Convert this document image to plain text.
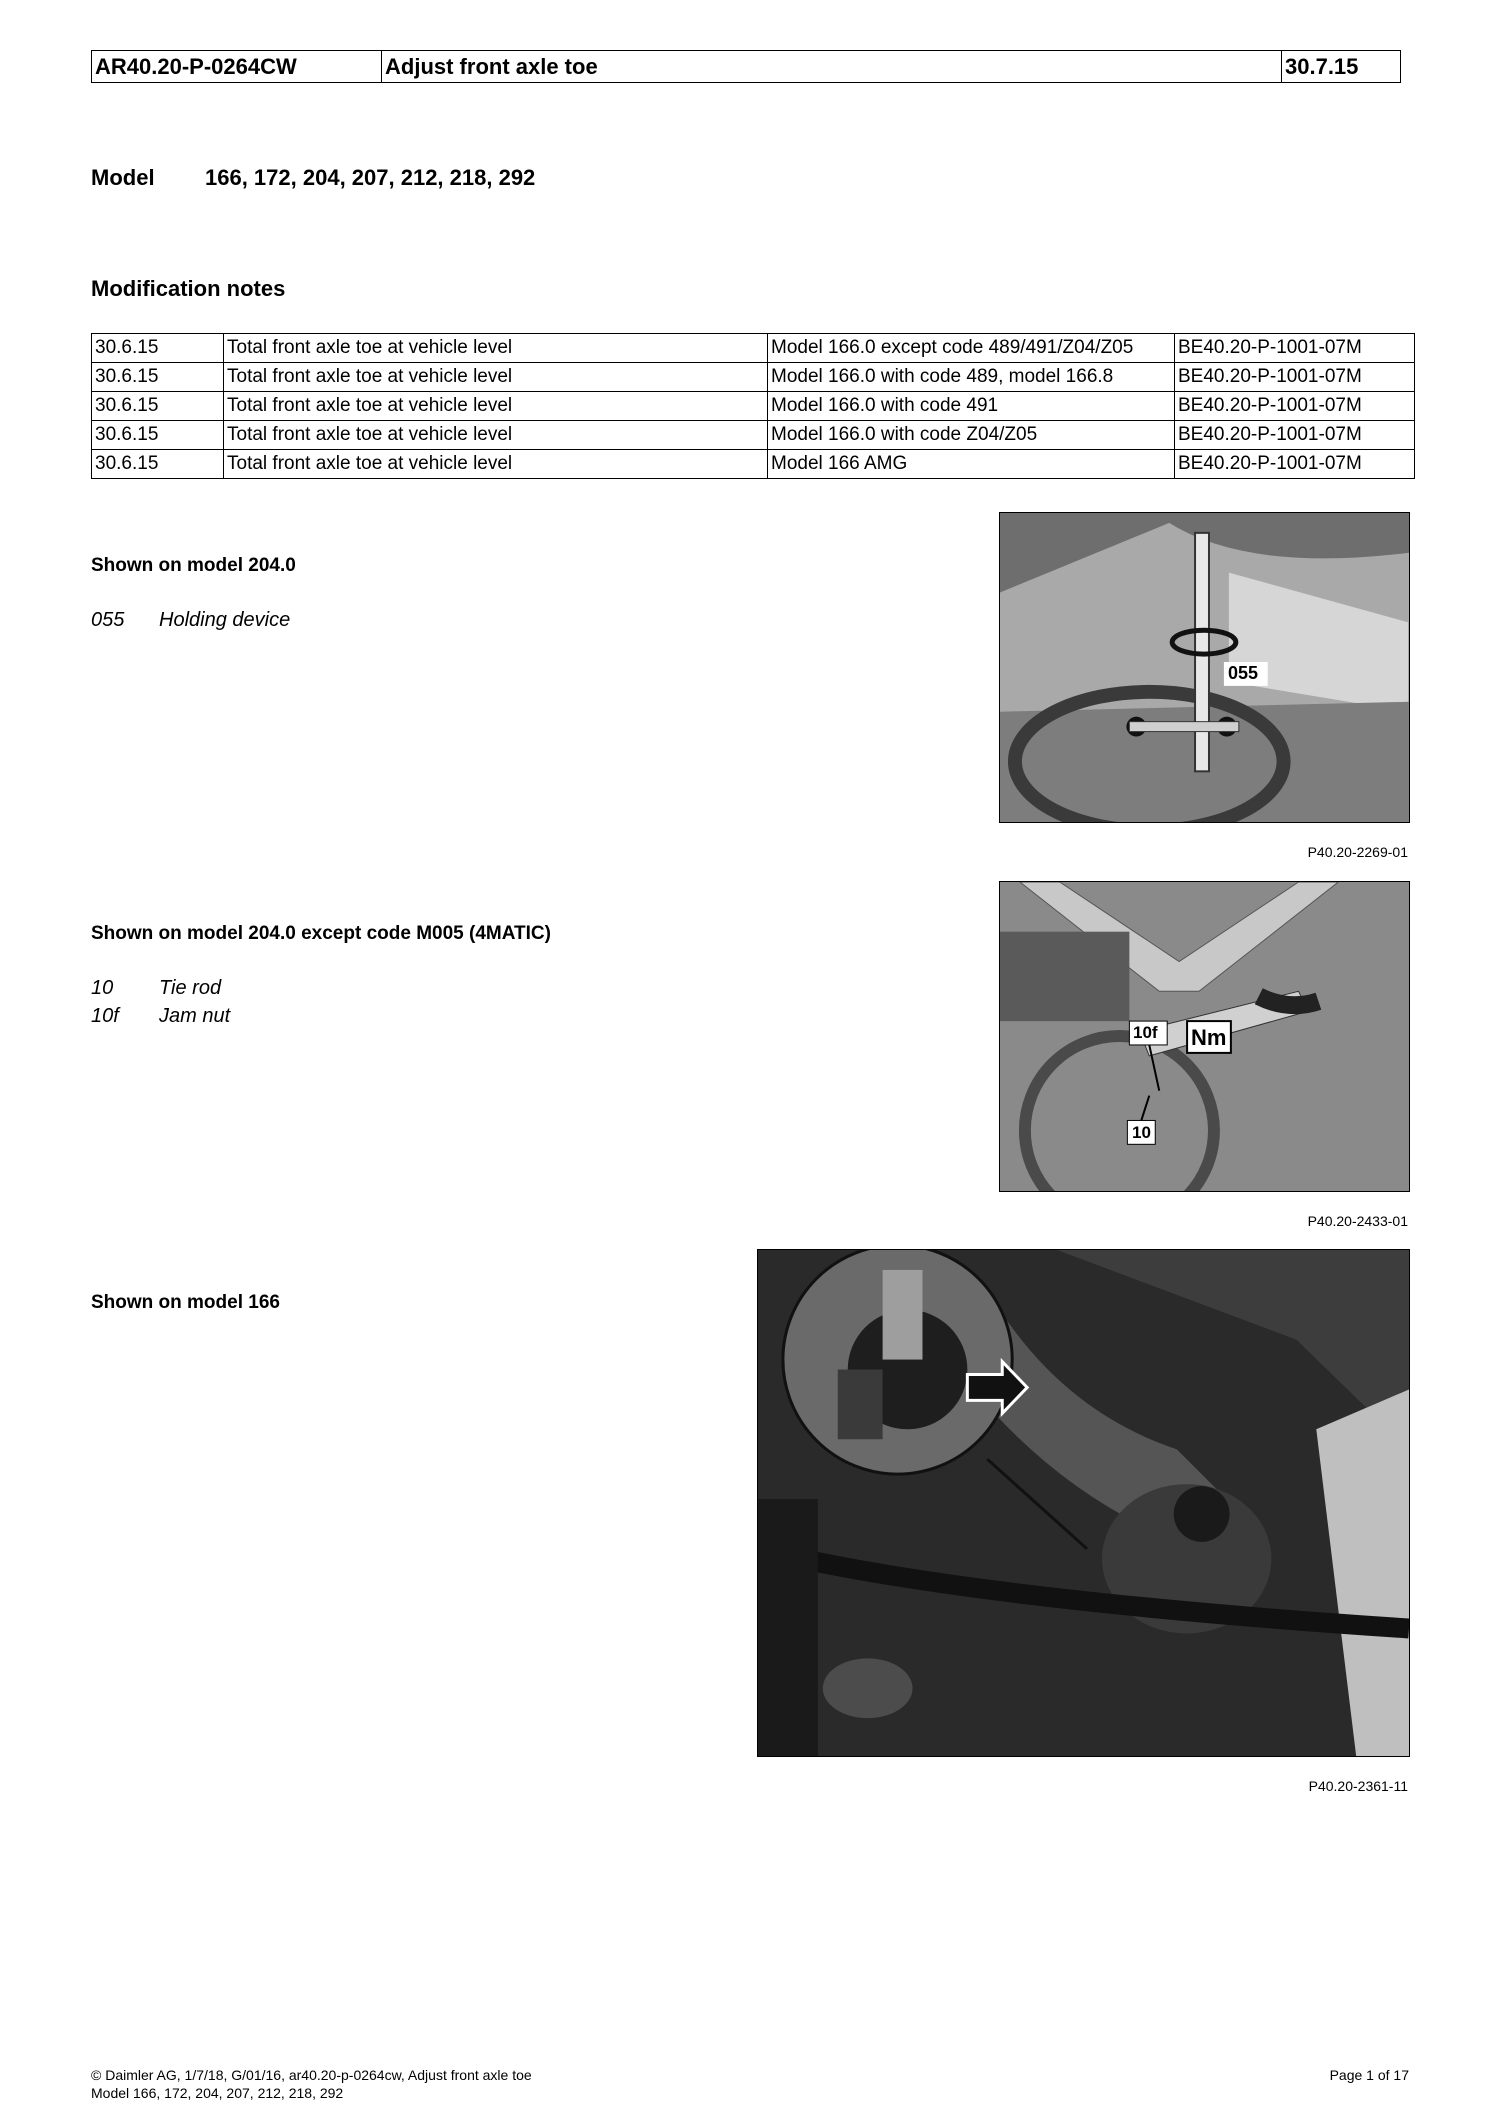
AR40.20-P-0264CW	Adjust front axle toe	30.7.15
Model	166, 172, 204, 207, 212, 218, 292
Modification notes
30.6.15	Total front axle toe at vehicle level	Model 166.0 except code 489/491/Z04/Z05	BE40.20-P-1001-07M
30.6.15	Total front axle toe at vehicle level	Model 166.0 with code 489, model 166.8	BE40.20-P-1001-07M
30.6.15	Total front axle toe at vehicle level	Model 166.0 with code 491	BE40.20-P-1001-07M
30.6.15	Total front axle toe at vehicle level	Model 166.0 with code Z04/Z05	BE40.20-P-1001-07M
30.6.15	Total front axle toe at vehicle level	Model 166 AMG	BE40.20-P-1001-07M
Shown on model 204.0
055	Holding device
055
P40.20-2269-01
Shown on model 204.0 except code M005 (4MATIC)
10	Tie rod
10f	Jam nut
10f Nm
10
P40.20-2433-01
Shown on model 166
P40.20-2361-11
© Daimler AG, 1/7/18, G/01/16, ar40.20-p-0264cw, Adjust front axle toe
Model 166, 172, 204, 207, 212, 218, 292
Page 1 of 17
